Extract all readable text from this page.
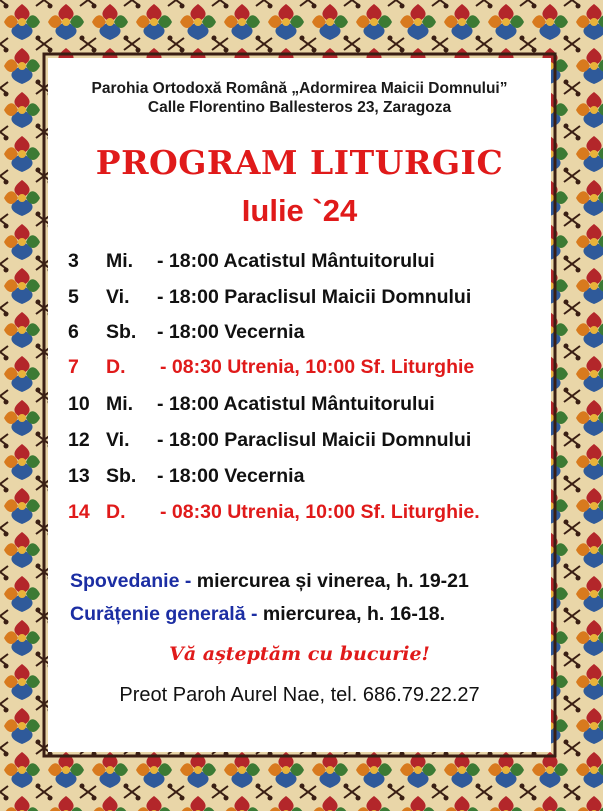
Parohia Ortodoxă Română „Adormirea Maicii Domnului”
Calle Florentino Ballesteros 23, Zaragoza
PROGRAM LITURGIC
Iulie `24
3 Mi. - 18:00 Acatistul Mântuitorului
5 Vi. - 18:00 Paraclisul Maicii Domnului
6 Sb. - 18:00 Vecernia
7 D. - 08:30 Utrenia, 10:00 Sf. Liturghie
10 Mi. - 18:00 Acatistul Mântuitorului
12 Vi. - 18:00 Paraclisul Maicii Domnului
13 Sb. - 18:00 Vecernia
14 D. - 08:30 Utrenia, 10:00 Sf. Liturghie.
Spovedanie - miercurea și vinerea, h. 19-21
Curățenie generală - miercurea, h. 16-18.
Vă așteptăm cu bucurie!
Preot Paroh Aurel Nae, tel. 686.79.22.27
